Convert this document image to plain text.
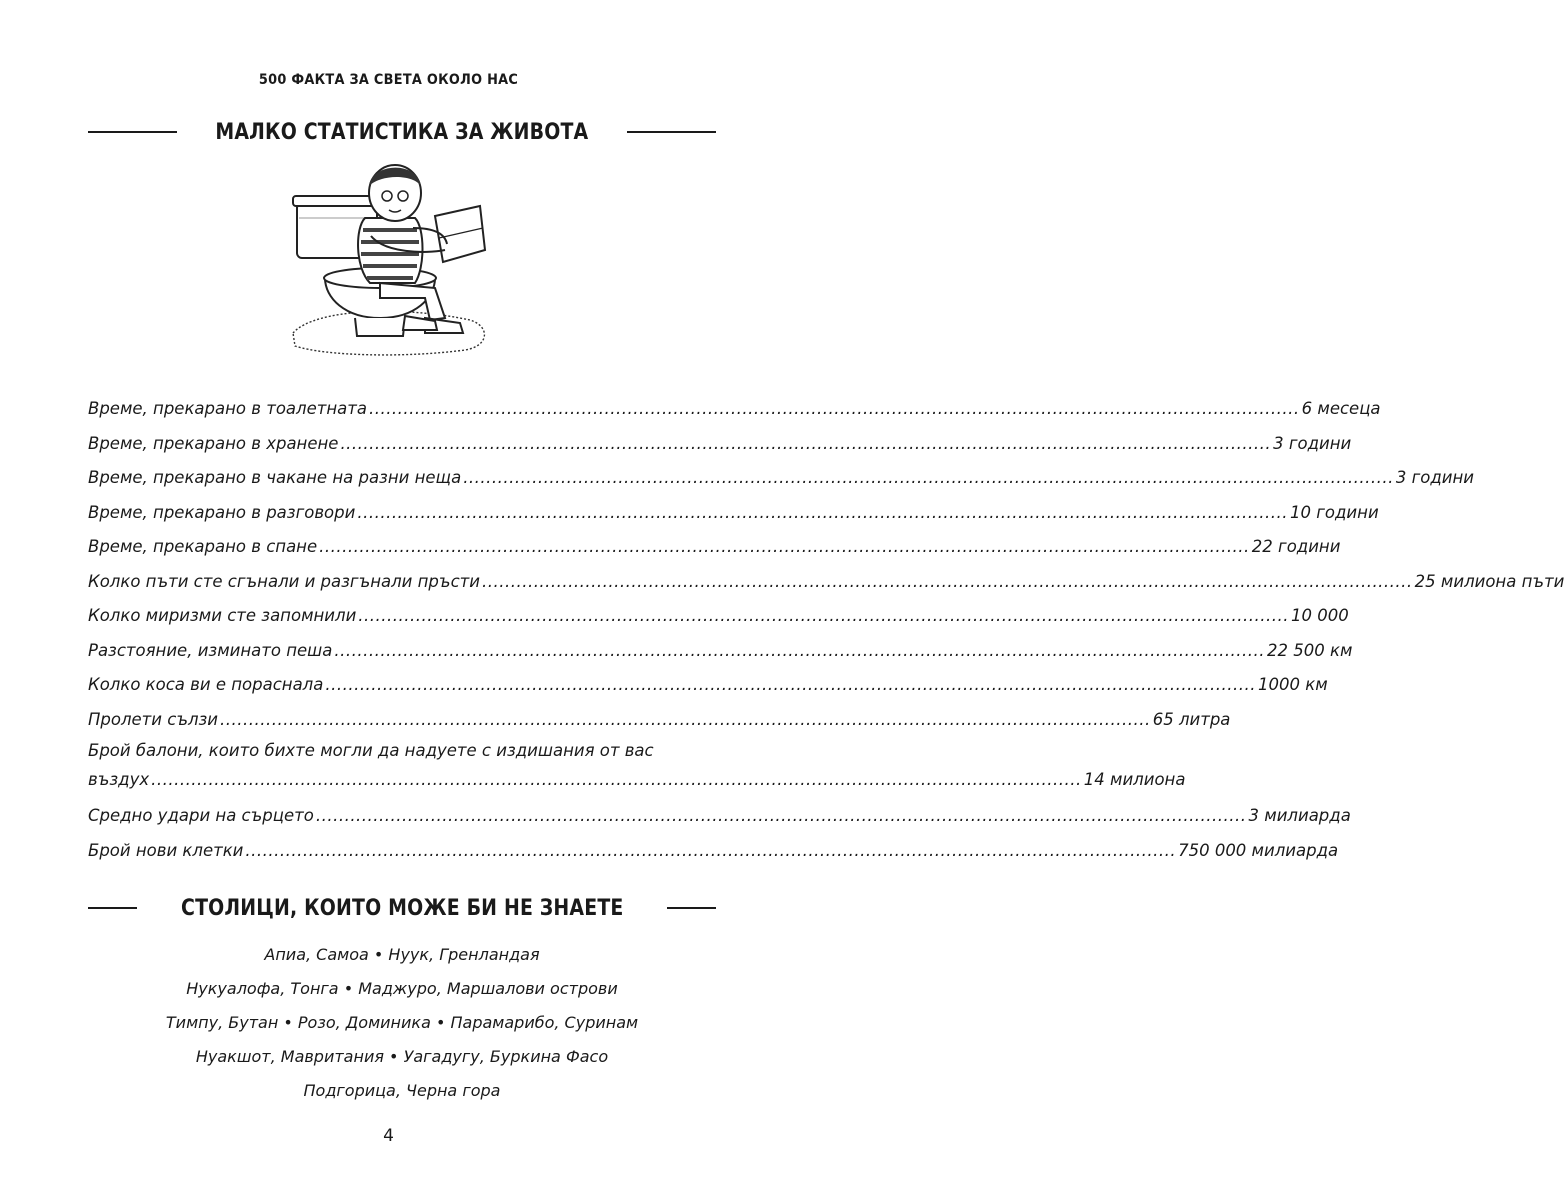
500 ФАКТА ЗА СВЕТА ОКОЛО НАС
МАЛКО СТАТИСТИКА ЗА ЖИВОТА
Време, прекарано в тоалетната .................................................................................................................................................................. 6 месеца
Време, прекарано в хранене .................................................................................................................................................................. 3 години
Време, прекарано в чакане на разни неща .................................................................................................................................................................. 3 години
Време, прекарано в разговори .................................................................................................................................................................. 10 години
Време, прекарано в спане .................................................................................................................................................................. 22 години
Колко пъти сте сгънали и разгънали пръсти .................................................................................................................................................................. 25 милиона пъти
Колко миризми сте запомнили .................................................................................................................................................................. 10 000
Разстояние, изминато пеша .................................................................................................................................................................. 22 500 км
Колко коса ви е пораснала .................................................................................................................................................................. 1000 км
Пролети сълзи .................................................................................................................................................................. 65 литра
Брой балони, които бихте могли да надуете с издишания от вас
въздух .................................................................................................................................................................. 14 милиона
Средно удари на сърцето .................................................................................................................................................................. 3 милиарда
Брой нови клетки .................................................................................................................................................................. 750 000 милиарда
СТОЛИЦИ, КОИТО МОЖЕ БИ НЕ ЗНАЕТЕ
Апиа, Самоа • Нуук, Гренландая
Нукуалофа, Тонга • Маджуро, Маршалови острови
Тимпу, Бутан • Розо, Доминика • Парамарибо, Суринам
Нуакшот, Мавритания • Уагадугу, Буркина Фасо
Подгорица, Черна гора
4
